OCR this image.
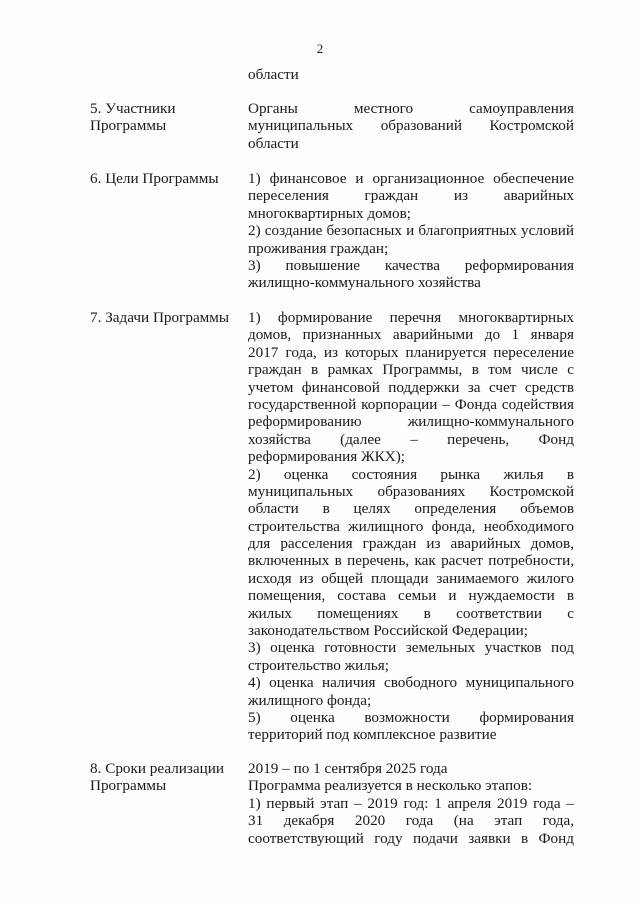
2
области
5. Участники
Программы
Органы местного самоуправления
муниципальных образований Костромской
области
6. Цели Программы	1) финансовое и организационное обеспечение
переселения граждан из аварийных
многоквартирных домов;
2) создание безопасных и благоприятных условий
проживания граждан;
3) повышение качества реформирования
жилищно-коммунального хозяйства
7. Задачи Программы	1) формирование перечня многоквартирных
домов, признанных аварийными до 1 января
2017 года, из которых планируется переселение
граждан в рамках Программы, в том числе с
учетом финансовой поддержки за счет средств
государственной корпорации – Фонда содействия
реформированию жилищно-коммунального
хозяйства (далее – перечень, Фонд
реформирования ЖКХ);
2) оценка состояния рынка жилья в
муниципальных образованиях Костромской
области в целях определения объемов
строительства жилищного фонда, необходимого
для расселения граждан из аварийных домов,
включенных в перечень, как расчет потребности,
исходя из общей площади занимаемого жилого
помещения, состава семьи и нуждаемости в
жилых помещениях в соответствии с
законодательством Российской Федерации;
3) оценка готовности земельных участков под
строительство жилья;
4) оценка наличия свободного муниципального
жилищного фонда;
5) оценка возможности формирования
территорий под комплексное развитие
8. Сроки реализации
Программы
2019 – по 1 сентября 2025 года
Программа реализуется в несколько этапов:
1) первый этап – 2019 год: 1 апреля 2019 года –
31 декабря 2020 года (на этап года,
соответствующий году подачи заявки в Фонд
